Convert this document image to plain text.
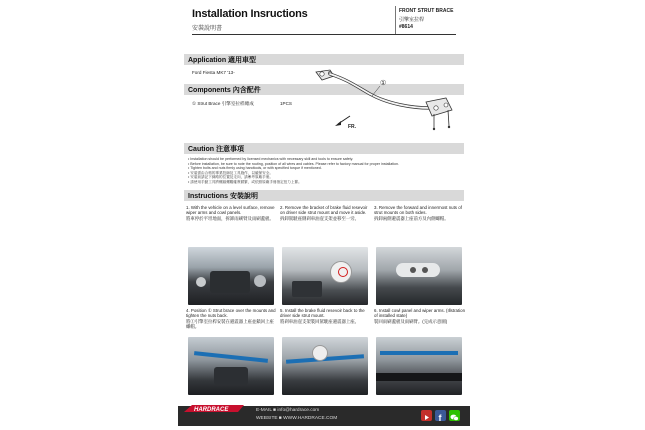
Installation Insructions
安裝說明書
FRONT STRUT BRACE
引擎室拉桿
#8614
Application 適用車型
Ford Fiesta MK7 '13-
Components 內含配件
① Strut Brace 引擎室拉桿總成	1PCS
①
FR.
Caution 注意事項
• Installation should be performed by licensed mechanics with necessary skill and tools to ensure safety.
• Before installation, be sure to note the routing, position of all wires and cables. Please refer to factory manual for proper installation.
• Tighten bolts and nuts firmly using handtools, or with specified torque if mentioned.
• 安裝需由合格的專業技師及工具施作，以確保安全。
• 安裝前請記下線路的位置及走向，請參考原廠手冊。
• 請使用手動工具將螺絲螺帽確實鎖緊，或依照原廠手冊指定扭力上緊。
Instructions 安裝說明
1. With the vehicle on a level surface, remove wiper arms and cowl panels.
將車停於平坦地面，拆卸雨刷臂及雨刷蓋板。
2. Remove the bracket of brake fluid resevoir on driver side strut mount and move it aside.
拆卸駕駛座側剎車油壺支架並移至一旁。
3. Remove the forward and innermost nuts of strut mounts on both sides.
拆卸兩側避震器上座前方及內側螺帽。
4. Position ① Strut brace over the mounts and tighten the nuts back.
將①引擎室拉桿安裝在避震器上座並鎖回上座螺帽。
5. Install the brake fluid resevoir back to the driver side strut mount.
將剎車油壺支架裝回駕駛座避震器上座。
6. Install cowl panel and wiper arms. (Illstration of installed state)
裝回雨刷蓋板及雨刷臂。(完成示意圖)
HARDRACE	E-MAIL ■ info@hardrace.com
WEBSITE ■ WWW.HARDRACE.COM	f
